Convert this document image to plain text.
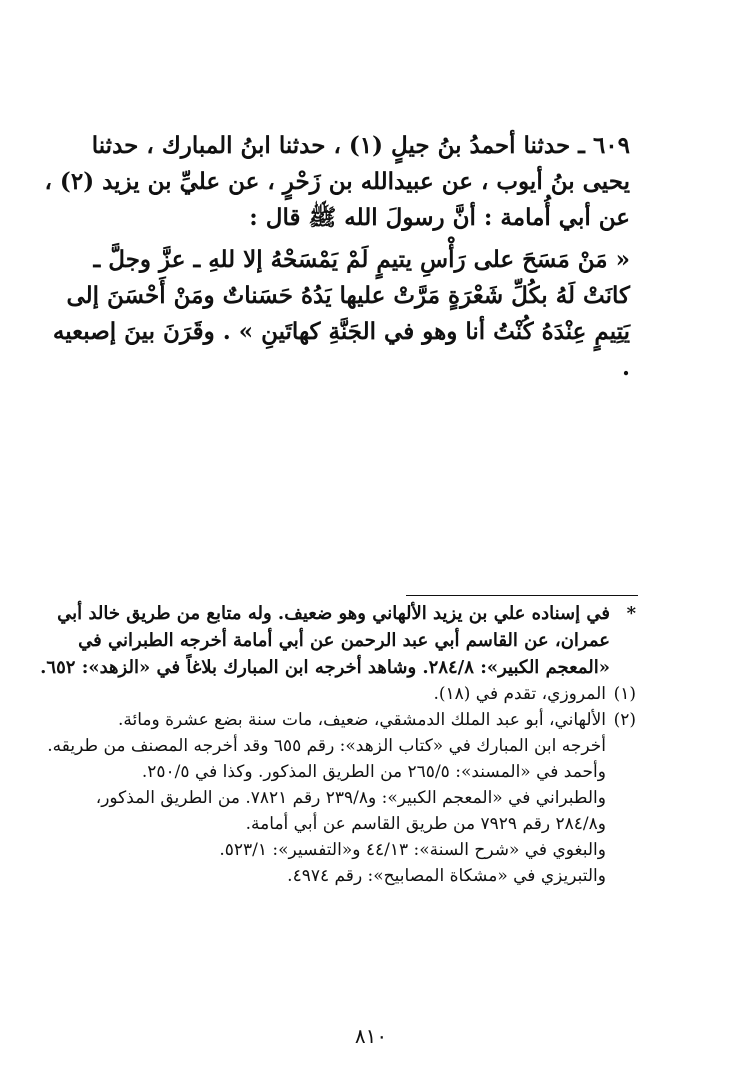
٦٠٩ ـ حدثنا أحمدُ بنُ جيلٍ (١) ، حدثنا ابنُ المبارك ، حدثنا يحيى بنُ أيوب ، عن عبيدالله بن زَحْرٍ ، عن عليِّ بن يزيد (٢) ، عن أبي أُمامة : أنَّ رسولَ الله ﷺ قال :

« مَنْ مَسَحَ على رَأْسِ يتيمٍ لَمْ يَمْسَحْهُ إلا للهِ ـ عزَّ وجلَّ ـ كانَتْ لَهُ بكُلِّ شَعْرَةٍ مَرَّتْ عليها يَدُهُ حَسَناتٌ ومَنْ أَحْسَنَ إلى يَتِيمٍ عِنْدَهُ كُنْتُ أنا وهو في الجَنَّةِ كهاتَينِ » . وقَرَنَ بينَ إصبعيه .

*
في إسناده علي بن يزيد الألهاني وهو ضعيف. وله متابع من طريق خالد أبي عمران، عن القاسم أبي عبد الرحمن عن أبي أمامة أخرجه الطبراني في «المعجم الكبير»: ٢٨٤/٨. وشاهد أخرجه ابن المبارك بلاغاً في «الزهد»: ٦٥٢.

(١)
المروزي، تقدم في (١٨).
(٢)
الألهاني، أبو عبد الملك الدمشقي، ضعيف، مات سنة بضع عشرة ومائة.

أخرجه ابن المبارك في «كتاب الزهد»: رقم ٦٥٥ وقد أخرجه المصنف من طريقه.

وأحمد في «المسند»: ٢٦٥/٥ من الطريق المذكور. وكذا في ٢٥٠/٥.

والطبراني في «المعجم الكبير»: و٢٣٩/٨ رقم ٧٨٢١. من الطريق المذكور، و٢٨٤/٨ رقم ٧٩٢٩ من طريق القاسم عن أبي أمامة.

والبغوي في «شرح السنة»: ٤٤/١٣ و«التفسير»: ٥٢٣/١.

والتبريزي في «مشكاة المصابيح»: رقم ٤٩٧٤.

٨١٠
